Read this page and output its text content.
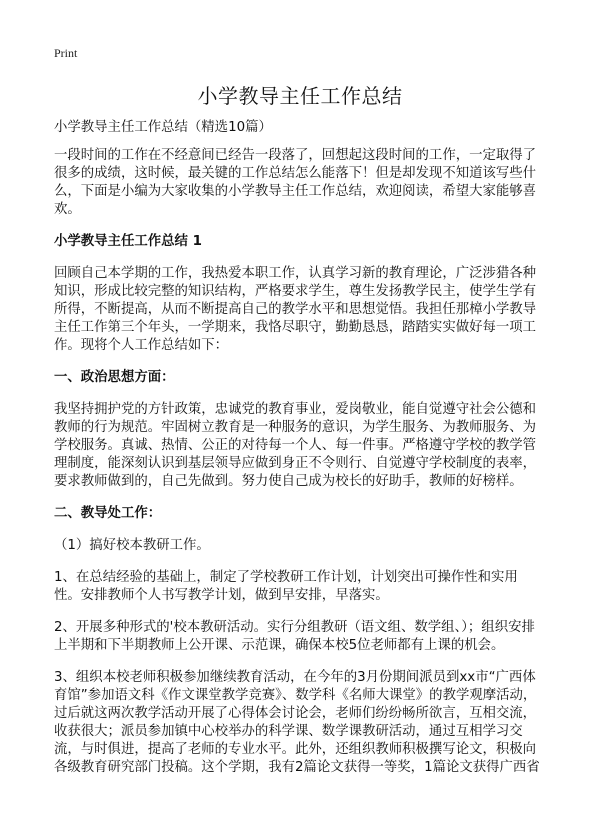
Print
小学教导主任工作总结

小学教导主任工作总结（精选10篇）

一段时间的工作在不经意间已经告一段落了，回想起这段时间的工作，一定取得了很多的成绩，这时候，最关键的工作总结怎么能落下！但是却发现不知道该写些什么，下面是小编为大家收集的小学教导主任工作总结，欢迎阅读，希望大家能够喜欢。

小学教导主任工作总结 1

回顾自己本学期的工作，我热爱本职工作，认真学习新的教育理论，广泛涉猎各种知识，形成比较完整的知识结构，严格要求学生，尊生发扬教学民主，使学生学有所得，不断提高，从而不断提高自己的教学水平和思想觉悟。我担任那樟小学教导主任工作第三个年头，一学期来，我恪尽职守，勤勤恳恳，踏踏实实做好每一项工作。现将个人工作总结如下：

一、政治思想方面：

我坚持拥护党的方针政策，忠诚党的教育事业，爱岗敬业，能自觉遵守社会公德和教师的行为规范。牢固树立教育是一种服务的意识，为学生服务、为教师服务、为学校服务。真诚、热情、公正的对待每一个人、每一件事。严格遵守学校的教学管理制度，能深刻认识到基层领导应做到身正不令则行、自觉遵守学校制度的表率，要求教师做到的，自己先做到。努力使自己成为校长的好助手，教师的好榜样。

二、教导处工作：

（1）搞好校本教研工作。

1、在总结经验的基础上，制定了学校教研工作计划，计划突出可操作性和实用性。安排教师个人书写教学计划，做到早安排，早落实。

2、开展多种形式的'校本教研活动。实行分组教研（语文组、数学组、）；组织安排上半期和下半期教师上公开课、示范课，确保本校5位老师都有上课的机会。

3、组织本校老师积极参加继续教育活动，在今年的3月份期间派员到xx市“广西体育馆”参加语文科《作文课堂教学竞赛》、数学科《名师大课堂》的教学观摩活动，过后就这两次教学活动开展了心得体会讨论会，老师们纷纷畅所欲言，互相交流，收获很大；派员参加镇中心校举办的科学课、数学课教研活动，通过互相学习交流，与时俱进，提高了老师的专业水平。此外，还组织教师积极撰写论文，积极向各级教育研究部门投稿。这个学期，我有2篇论文获得一等奖，1篇论文获得广西省
